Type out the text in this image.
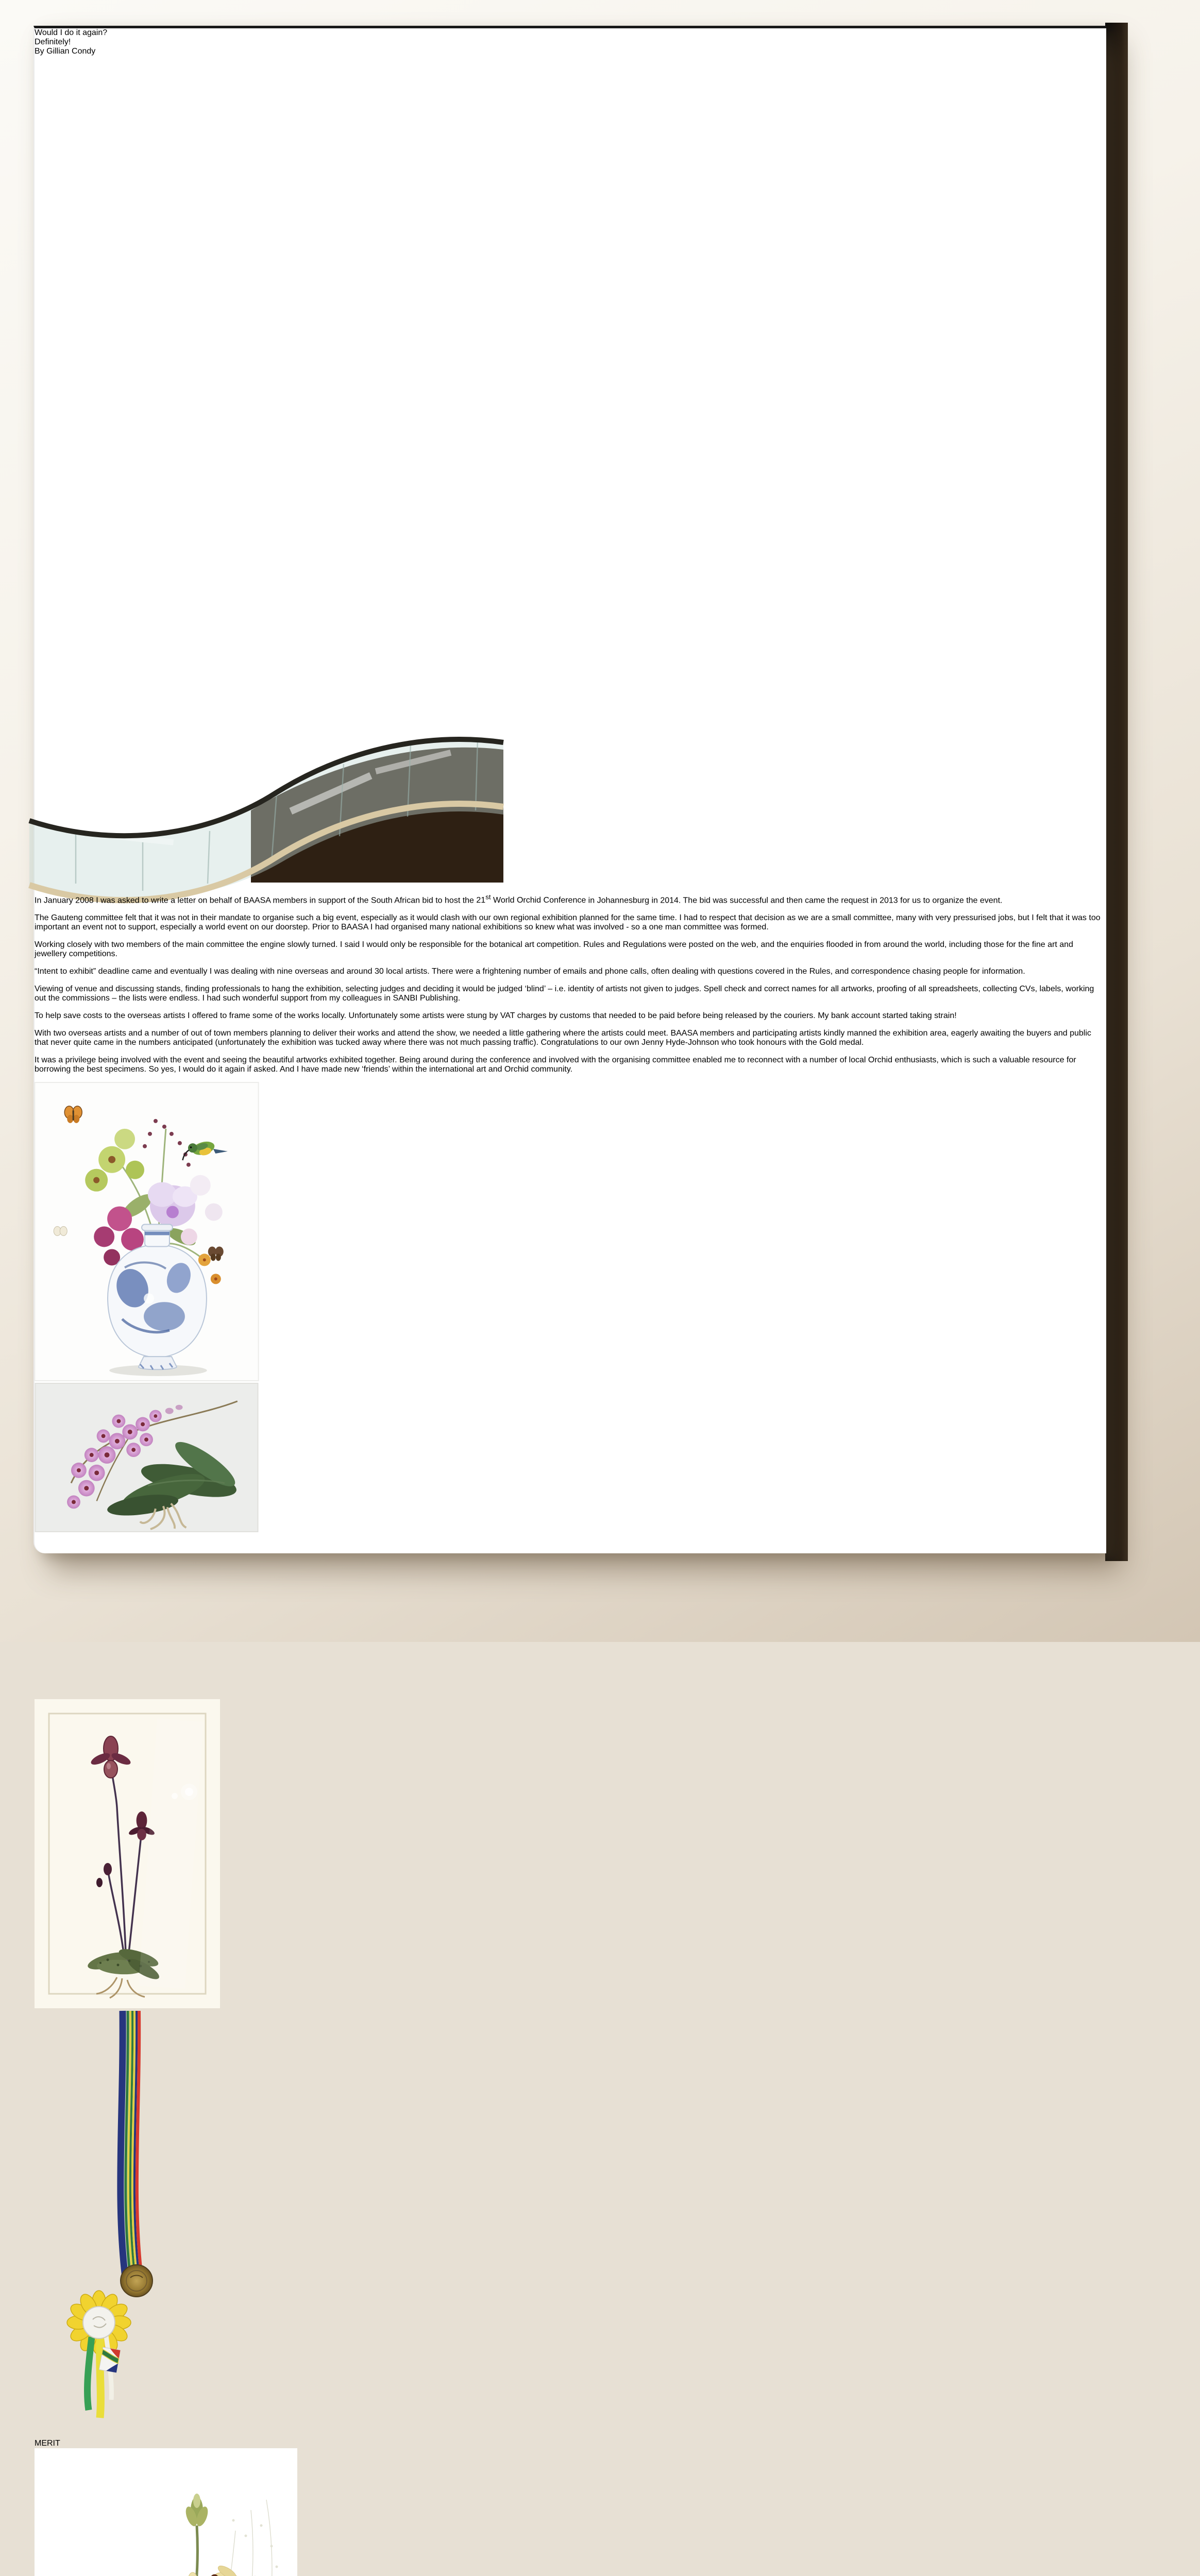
Would I do it again?
Definitely!
By Gillian Condy

In January 2008 I was asked to write a letter on behalf of BAASA members in support of the South African bid to host the 21st World Orchid Conference in Johannesburg in 2014. The bid was successful and then came the request in 2013 for us to organize the event.

The Gauteng committee felt that it was not in their mandate to organise such a big event, especially as it would clash with our own regional exhibition planned for the same time. I had to respect that decision as we are a small committee, many with very pressurised jobs, but I felt that it was too important an event not to support, especially a world event on our doorstep. Prior to BAASA I had organised many national exhibitions so knew what was involved - so a one man committee was formed.

Working closely with two members of the main committee the engine slowly turned. I said I would only be responsible for the botanical art competition. Rules and Regulations were posted on the web, and the enquiries flooded in from around the world, including those for the fine art and jewellery competitions.

“Intent to exhibit” deadline came and eventually I was dealing with nine overseas and around 30 local artists. There were a frightening number of emails and phone calls, often dealing with questions covered in the Rules, and correspondence chasing people for information.

Viewing of venue and discussing stands, finding professionals to hang the exhibition, selecting judges and deciding it would be judged ‘blind’ – i.e. identity of artists not given to judges. Spell check and correct names for all artworks, proofing of all spreadsheets, collecting CVs, labels, working out the commissions – the lists were endless. I had such wonderful support from my colleagues in SANBI Publishing.

To help save costs to the overseas artists I offered to frame some of the works locally. Unfortunately some artists were stung by VAT charges by customs that needed to be paid before being released by the couriers. My bank account started taking strain!

With two overseas artists and a number of out of town members planning to deliver their works and attend the show, we needed a little gathering where the artists could meet. BAASA members and participating artists kindly manned the exhibition area, eagerly awaiting the buyers and public that never quite came in the numbers anticipated (unfortunately the exhibition was tucked away where there was not much passing traffic). Congratulations to our own Jenny Hyde-Johnson who took honours with the Gold medal.

It was a privilege being involved with the event and seeing the beautiful artworks exhibited together. Being around during the conference and involved with the organising committee enabled me to reconnect with a number of local Orchid enthusiasts, which is such a valuable resource for borrowing the best specimens. So yes, I would do it again if asked. And I have made new ‘friends’ within the international art and Orchid community.

MERIT
